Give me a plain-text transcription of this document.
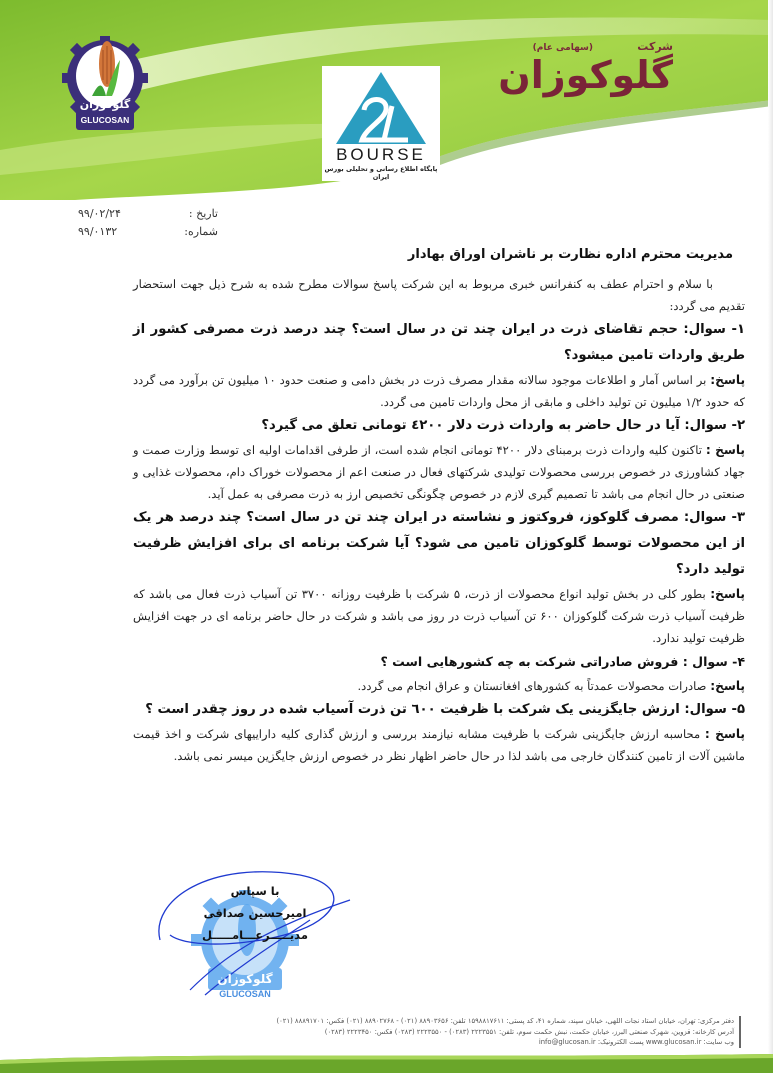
گلوکوزان
GLUCOSAN
BOURSE
پایگاه اطلاع رسانی و تحلیلی بورس ایران
شرکت
(سهامی عام)
گلوکوزان
تاریخ :
۹۹/۰۲/۲۴
شماره:
۹۹/۰۱۳۲
مدیریت محترم اداره نظارت بر ناشران اوراق بهادار

با سلام و احترام عطف به کنفرانس خبری مربوط به این شرکت پاسخ سوالات مطرح شده به شرح ذیل جهت استحضار تقدیم می گردد:

۱- سوال: حجم تقاضای ذرت در ایران چند تن در سال است؟ چند درصد ذرت مصرفی کشور از طریق واردات تامین میشود؟

پاسخ: بر اساس آمار و اطلاعات موجود سالانه مقدار مصرف ذرت در بخش دامی و صنعت حدود ۱۰ میلیون تن برآورد می گردد که حدود ۱/۲ میلیون تن تولید داخلی و مابقی از محل واردات تامین می گردد.

۲- سوال: آیا در حال حاضر به واردات ذرت دلار ٤۲۰۰ تومانی تعلق می گیرد؟

پاسخ : تاکنون کلیه واردات ذرت برمبنای دلار ۴۲۰۰ تومانی انجام شده است، از طرفی اقدامات اولیه ای توسط وزارت صمت و جهاد کشاورزی در خصوص بررسی محصولات تولیدی شرکتهای فعال در صنعت اعم از محصولات خوراک دام، محصولات غذایی و صنعتی در حال انجام می باشد تا تصمیم گیری لازم در خصوص چگونگی تخصیص ارز به ذرت مصرفی به عمل آید.

۳- سوال: مصرف گلوکوز، فروکتوز و نشاسته در ایران چند تن در سال است؟ چند درصد هر یک از این محصولات توسط گلوکوزان تامین می شود؟ آیا شرکت برنامه ای برای افزایش ظرفیت تولید دارد؟

پاسخ: بطور کلی در بخش تولید انواع محصولات از ذرت، ۵ شرکت با ظرفیت روزانه ۳۷۰۰ تن آسیاب ذرت فعال می باشد که ظرفیت آسیاب ذرت شرکت گلوکوزان ۶۰۰ تن آسیاب ذرت در روز می باشد و شرکت در حال حاضر برنامه ای در جهت افزایش ظرفیت تولید ندارد.

۴- سوال : فروش صادراتی شرکت به چه کشورهایی است ؟

پاسخ: صادرات محصولات عمدتاً به کشورهای افغانستان و عراق انجام می گردد.

۵- سوال: ارزش جایگزینی یک شرکت با ظرفیت ٦۰۰ تن ذرت آسیاب شده در روز چقدر است ؟

پاسخ : محاسبه ارزش جایگزینی شرکت با ظرفیت مشابه نیازمند بررسی و ارزش گذاری کلیه داراییهای شرکت و اخذ قیمت ماشین آلات از تامین کنندگان خارجی می باشد لذا در حال حاضر اظهار نظر در خصوص ارزش جایگزین میسر نمی باشد.

با سپاس
امیرحسین صداقی
مدیـــــرعـــامـــــل
گلوکوزان
GLUCOSAN
دفتر مرکزی: تهران، خیابان استاد نجات اللهی، خیابان سپند، شماره ۴۱، کد پستی: ۱۵۹۸۸۱۷۶۱۱ تلفن: ۸۸۹۰۳۶۵۶ (۰۲۱) - ۸۸۹۰۲۷۶۸ (۰۲۱) فکس: ۸۸۸۹۱۷۰۱ (۰۲۱)
آدرس کارخانه: قزوین، شهرک صنعتی البرز، خیابان حکمت، نبش حکمت سوم، تلفن: ۲۲۲۳۵۵۱ (۰۲۸۳) - ۲۲۲۳۵۵۰ (۰۲۸۳) فکس: ۲۲۲۳۴۵۰ (۰۲۸۳)
وب سایت: www.glucosan.ir پست الکترونیک: info@glucosan.ir
